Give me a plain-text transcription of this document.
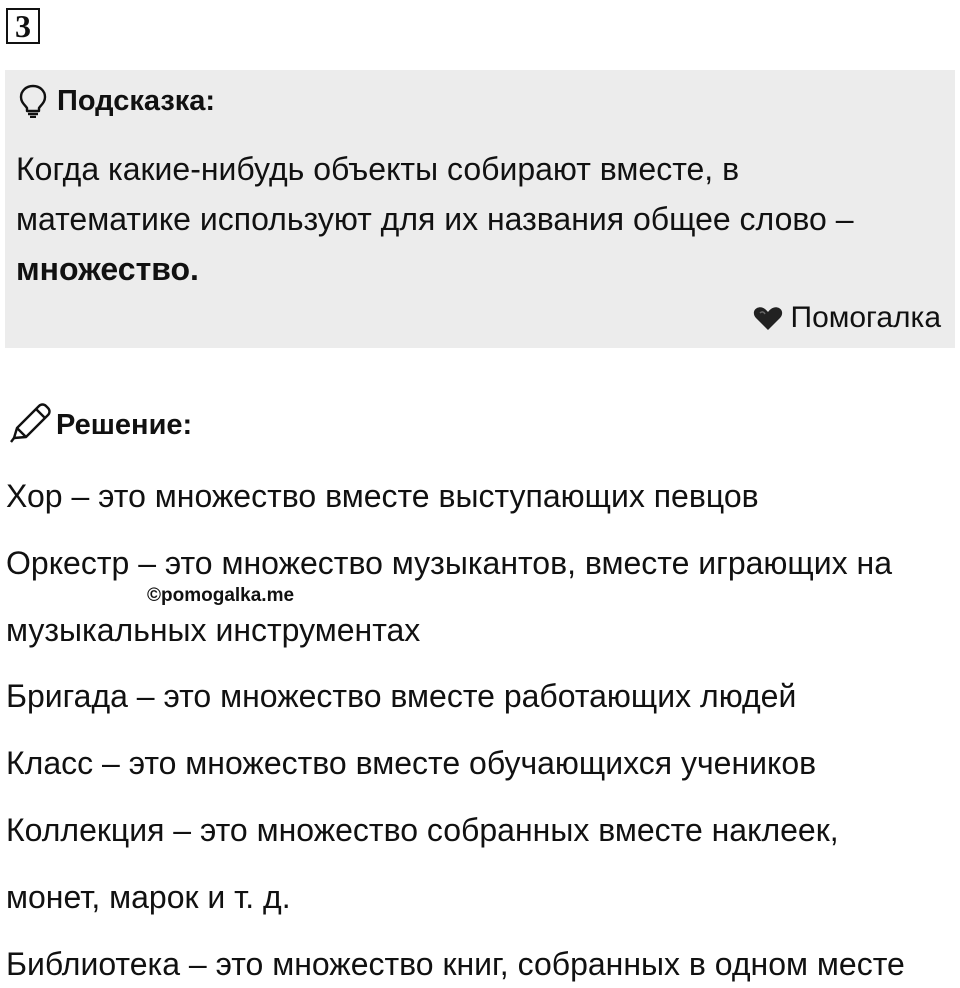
3
Подсказка:
Когда какие-нибудь объекты собирают вместе, в
математике используют для их названия общее слово –
множество.
Помогалка
Решение:
Хор – это множество вместе выступающих певцов
Оркестр – это множество музыкантов, вместе играющих на
©pomogalka.me
музыкальных инструментах
Бригада – это множество вместе работающих людей
Класс – это множество вместе обучающихся учеников
Коллекция – это множество собранных вместе наклеек,
монет, марок и т. д.
Библиотека – это множество книг, собранных в одном месте
